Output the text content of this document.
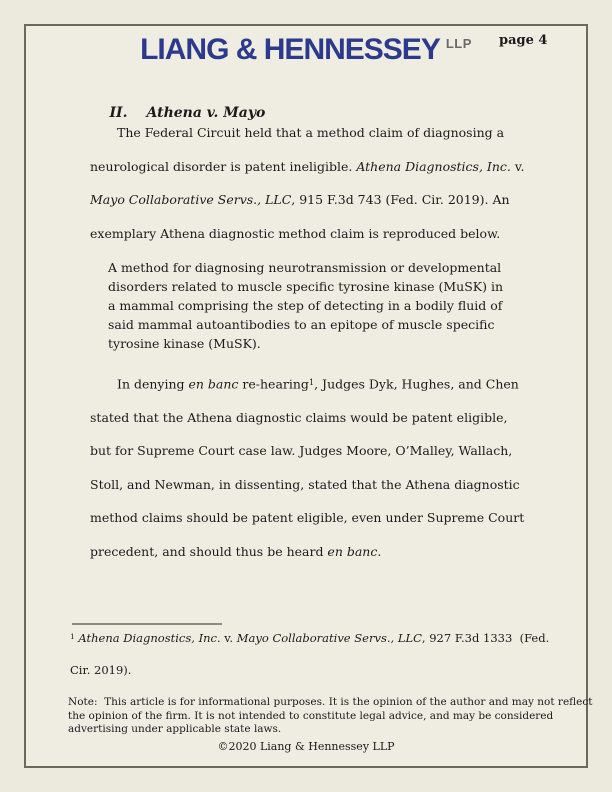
page 4
LIANG & HENNESSEY $^{LLP}$

II. Athena v. Mayo

The Federal Circuit held that a method claim of diagnosing a
neurological disorder is patent ineligible. Athena Diagnostics, Inc. v.
Mayo Collaborative Servs., LLC, 915 F.3d 743 (Fed. Cir. 2019). An
exemplary Athena diagnostic method claim is reproduced below.
A method for diagnosing neurotransmission or developmental
disorders related to muscle specific tyrosine kinase (MuSK) in
a mammal comprising the step of detecting in a bodily fluid of
said mammal autoantibodies to an epitope of muscle specific
tyrosine kinase (MuSK).
In denying en banc re-hearing$^1$, Judges Dyk, Hughes, and Chen
stated that the Athena diagnostic claims would be patent eligible,
but for Supreme Court case law. Judges Moore, O’Malley, Wallach,
Stoll, and Newman, in dissenting, stated that the Athena diagnostic
method claims should be patent eligible, even under Supreme Court
precedent, and should thus be heard en banc.
$^1$ Athena Diagnostics, Inc. v. Mayo Collaborative Servs., LLC, 927 F.3d 1333  (Fed.
Cir. 2019).
Note:  This article is for informational purposes. It is the opinion of the author and may not reflect
the opinion of the firm. It is not intended to constitute legal advice, and may be considered
advertising under applicable state laws.
©2020 Liang & Hennessey LLP
